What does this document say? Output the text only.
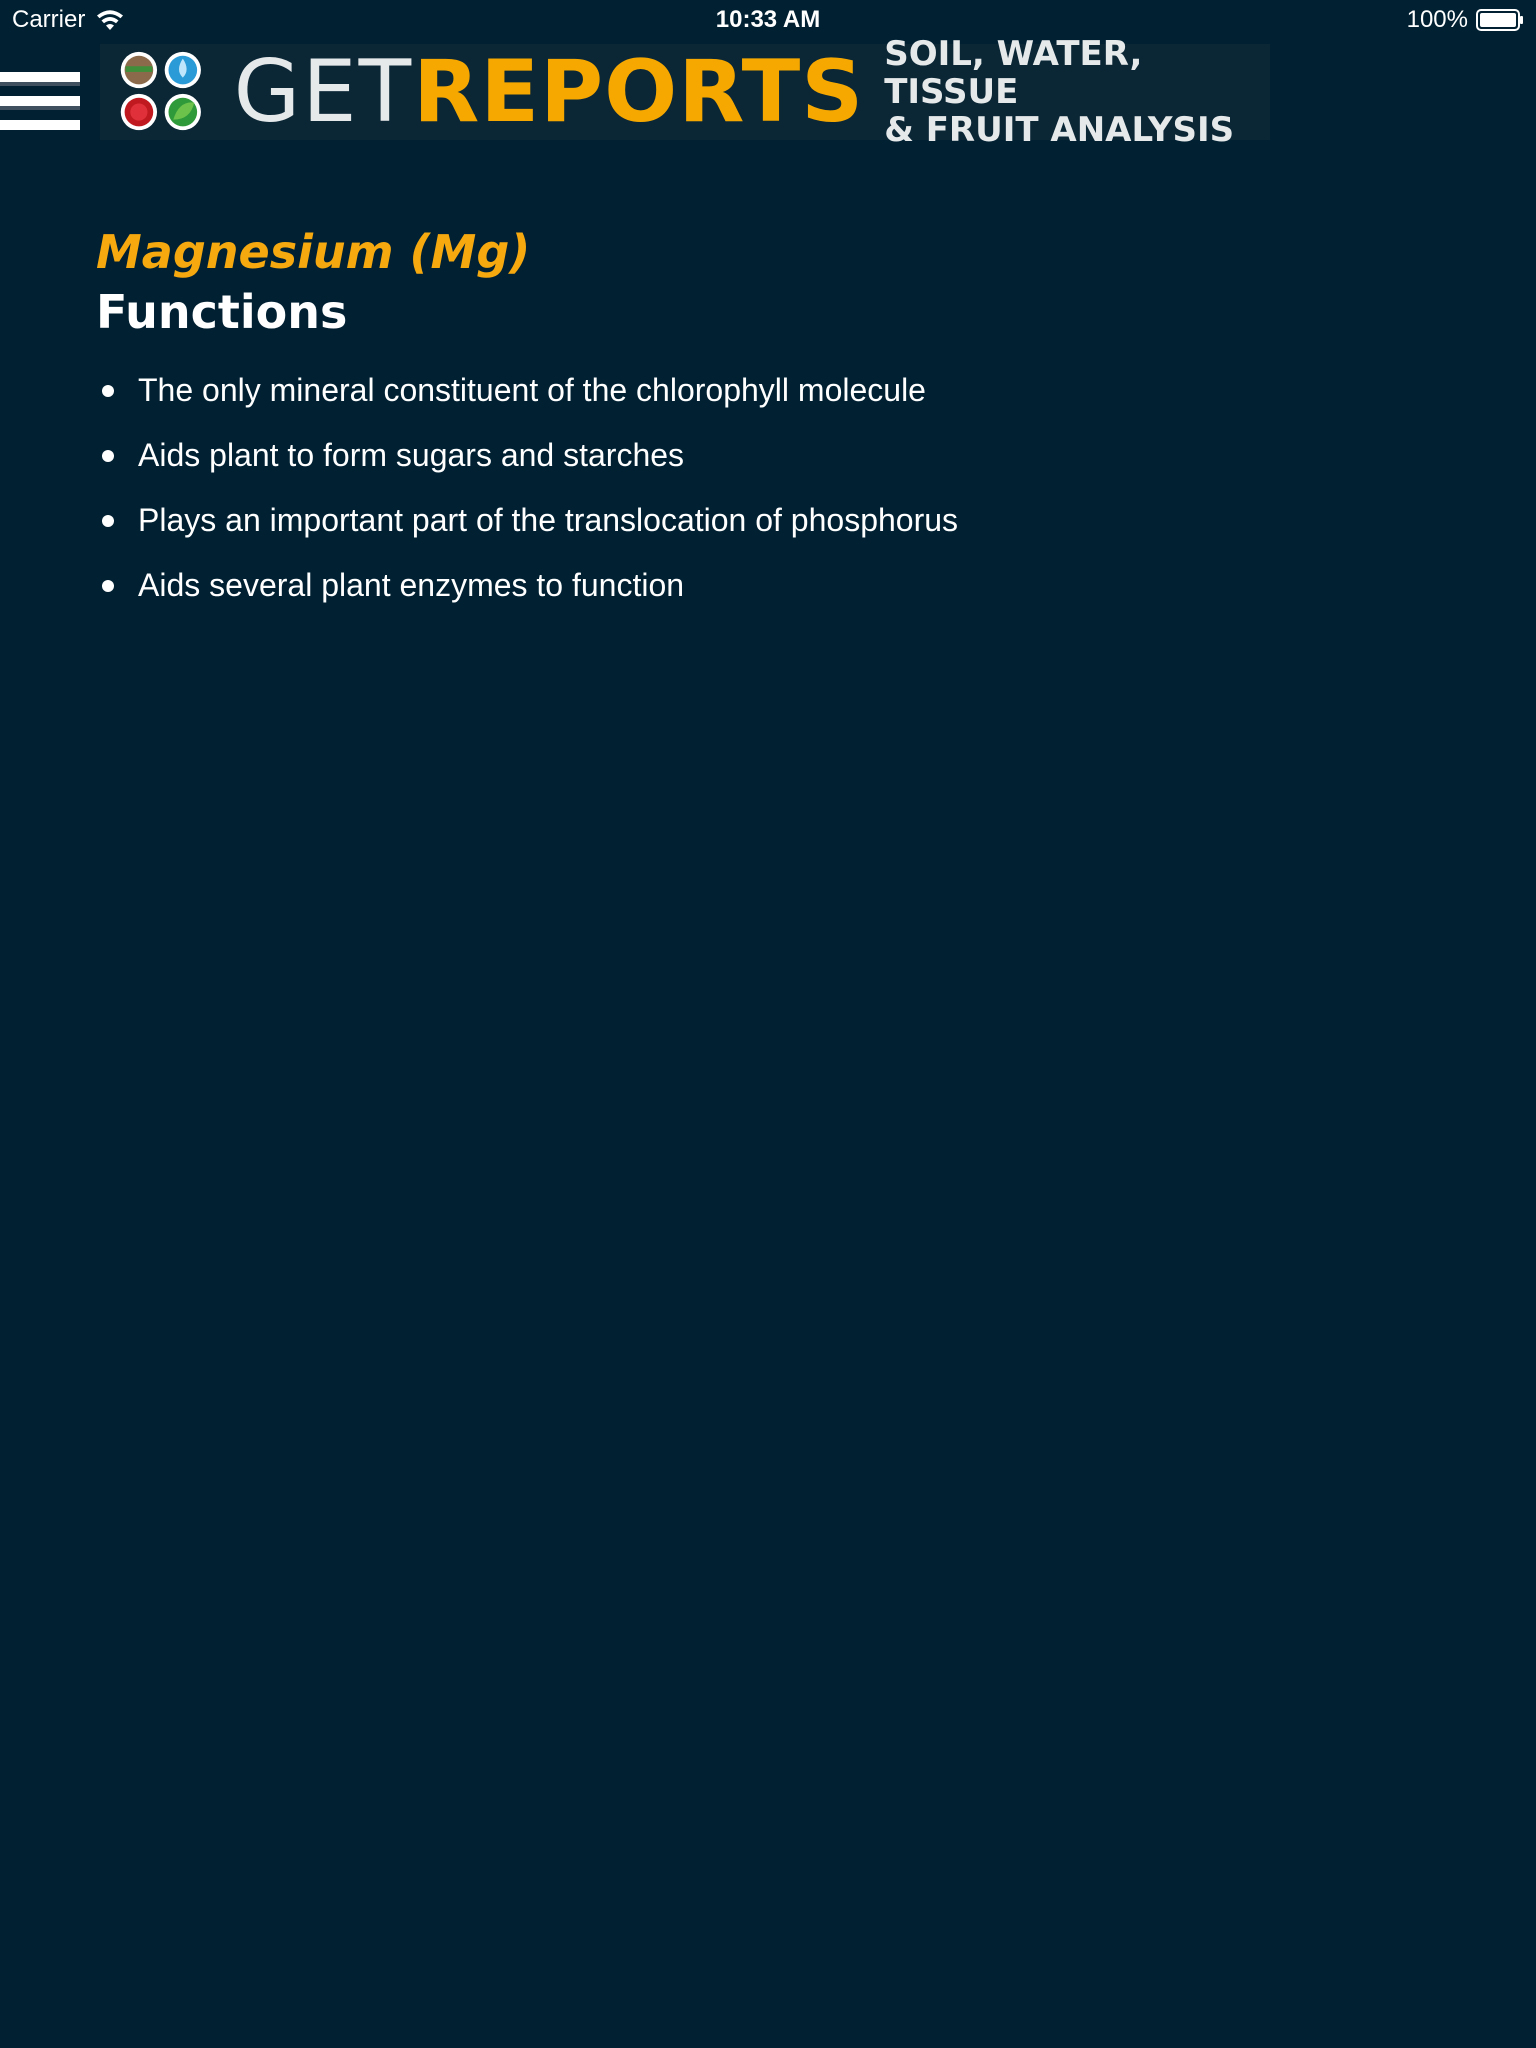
Carrier	10:33 AM	100%
GET REPORTS SOIL, WATER, TISSUE
& FRUIT ANALYSIS
Magnesium (Mg)
Functions
The only mineral constituent of the chlorophyll molecule
Aids plant to form sugars and starches
Plays an important part of the translocation of phosphorus
Aids several plant enzymes to function
